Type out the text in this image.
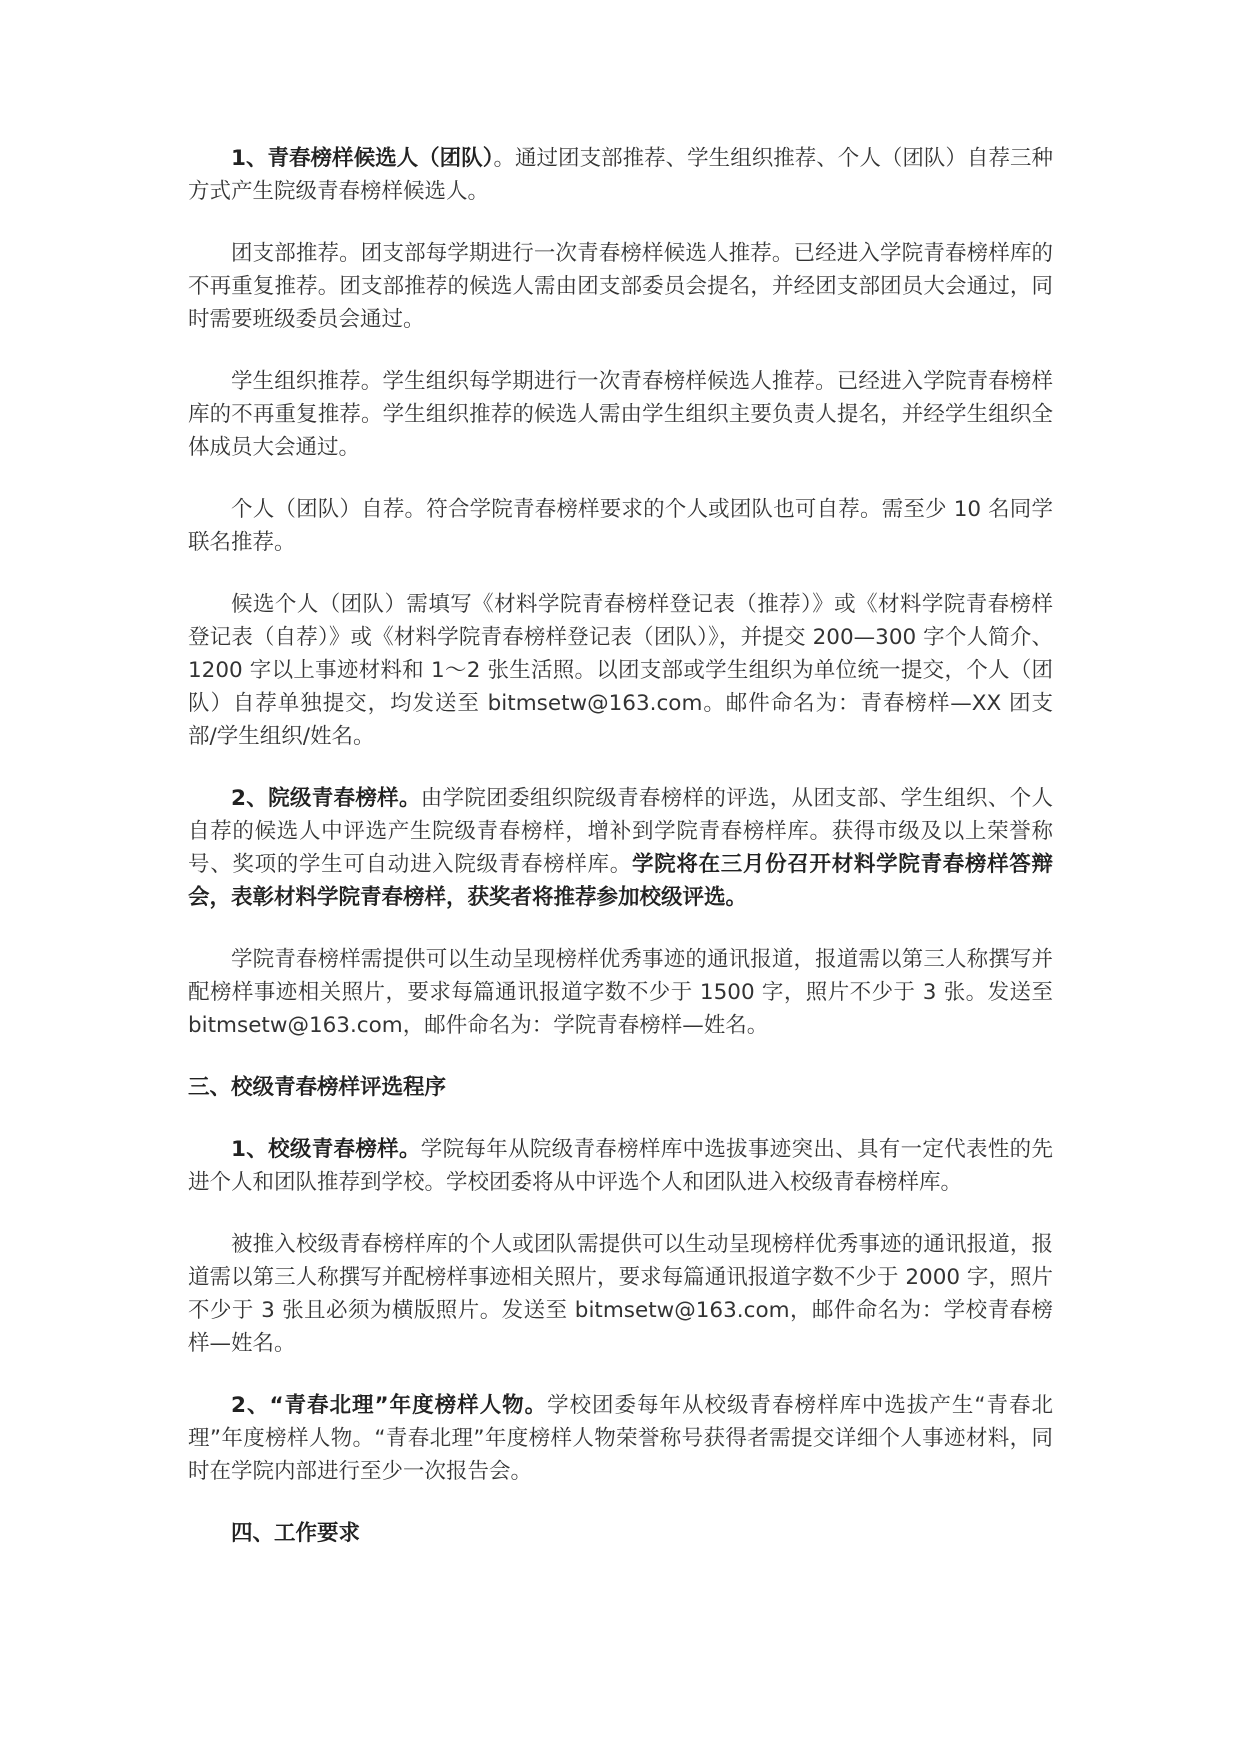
1、青春榜样候选人（团队）。通过团支部推荐、学生组织推荐、个人（团队）自荐三种方式产生院级青春榜样候选人。

团支部推荐。团支部每学期进行一次青春榜样候选人推荐。已经进入学院青春榜样库的不再重复推荐。团支部推荐的候选人需由团支部委员会提名，并经团支部团员大会通过，同时需要班级委员会通过。

学生组织推荐。学生组织每学期进行一次青春榜样候选人推荐。已经进入学院青春榜样库的不再重复推荐。学生组织推荐的候选人需由学生组织主要负责人提名，并经学生组织全体成员大会通过。

个人（团队）自荐。符合学院青春榜样要求的个人或团队也可自荐。需至少 10 名同学联名推荐。

候选个人（团队）需填写《材料学院青春榜样登记表（推荐）》或《材料学院青春榜样登记表（自荐）》或《材料学院青春榜样登记表（团队）》，并提交 200—300 字个人简介、1200 字以上事迹材料和 1～2 张生活照。以团支部或学生组织为单位统一提交，个人（团队）自荐单独提交，均发送至 bitmsetw@163.com。邮件命名为：青春榜样—XX 团支部/学生组织/姓名。

2、院级青春榜样。由学院团委组织院级青春榜样的评选，从团支部、学生组织、个人自荐的候选人中评选产生院级青春榜样，增补到学院青春榜样库。获得市级及以上荣誉称号、奖项的学生可自动进入院级青春榜样库。学院将在三月份召开材料学院青春榜样答辩会，表彰材料学院青春榜样，获奖者将推荐参加校级评选。

学院青春榜样需提供可以生动呈现榜样优秀事迹的通讯报道，报道需以第三人称撰写并配榜样事迹相关照片，要求每篇通讯报道字数不少于 1500 字，照片不少于 3 张。发送至 bitmsetw@163.com，邮件命名为：学院青春榜样—姓名。

三、校级青春榜样评选程序

1、校级青春榜样。学院每年从院级青春榜样库中选拔事迹突出、具有一定代表性的先进个人和团队推荐到学校。学校团委将从中评选个人和团队进入校级青春榜样库。

被推入校级青春榜样库的个人或团队需提供可以生动呈现榜样优秀事迹的通讯报道，报道需以第三人称撰写并配榜样事迹相关照片，要求每篇通讯报道字数不少于 2000 字，照片不少于 3 张且必须为横版照片。发送至 bitmsetw@163.com，邮件命名为：学校青春榜样—姓名。

2、“青春北理”年度榜样人物。学校团委每年从校级青春榜样库中选拔产生“青春北理”年度榜样人物。“青春北理”年度榜样人物荣誉称号获得者需提交详细个人事迹材料，同时在学院内部进行至少一次报告会。

四、工作要求
